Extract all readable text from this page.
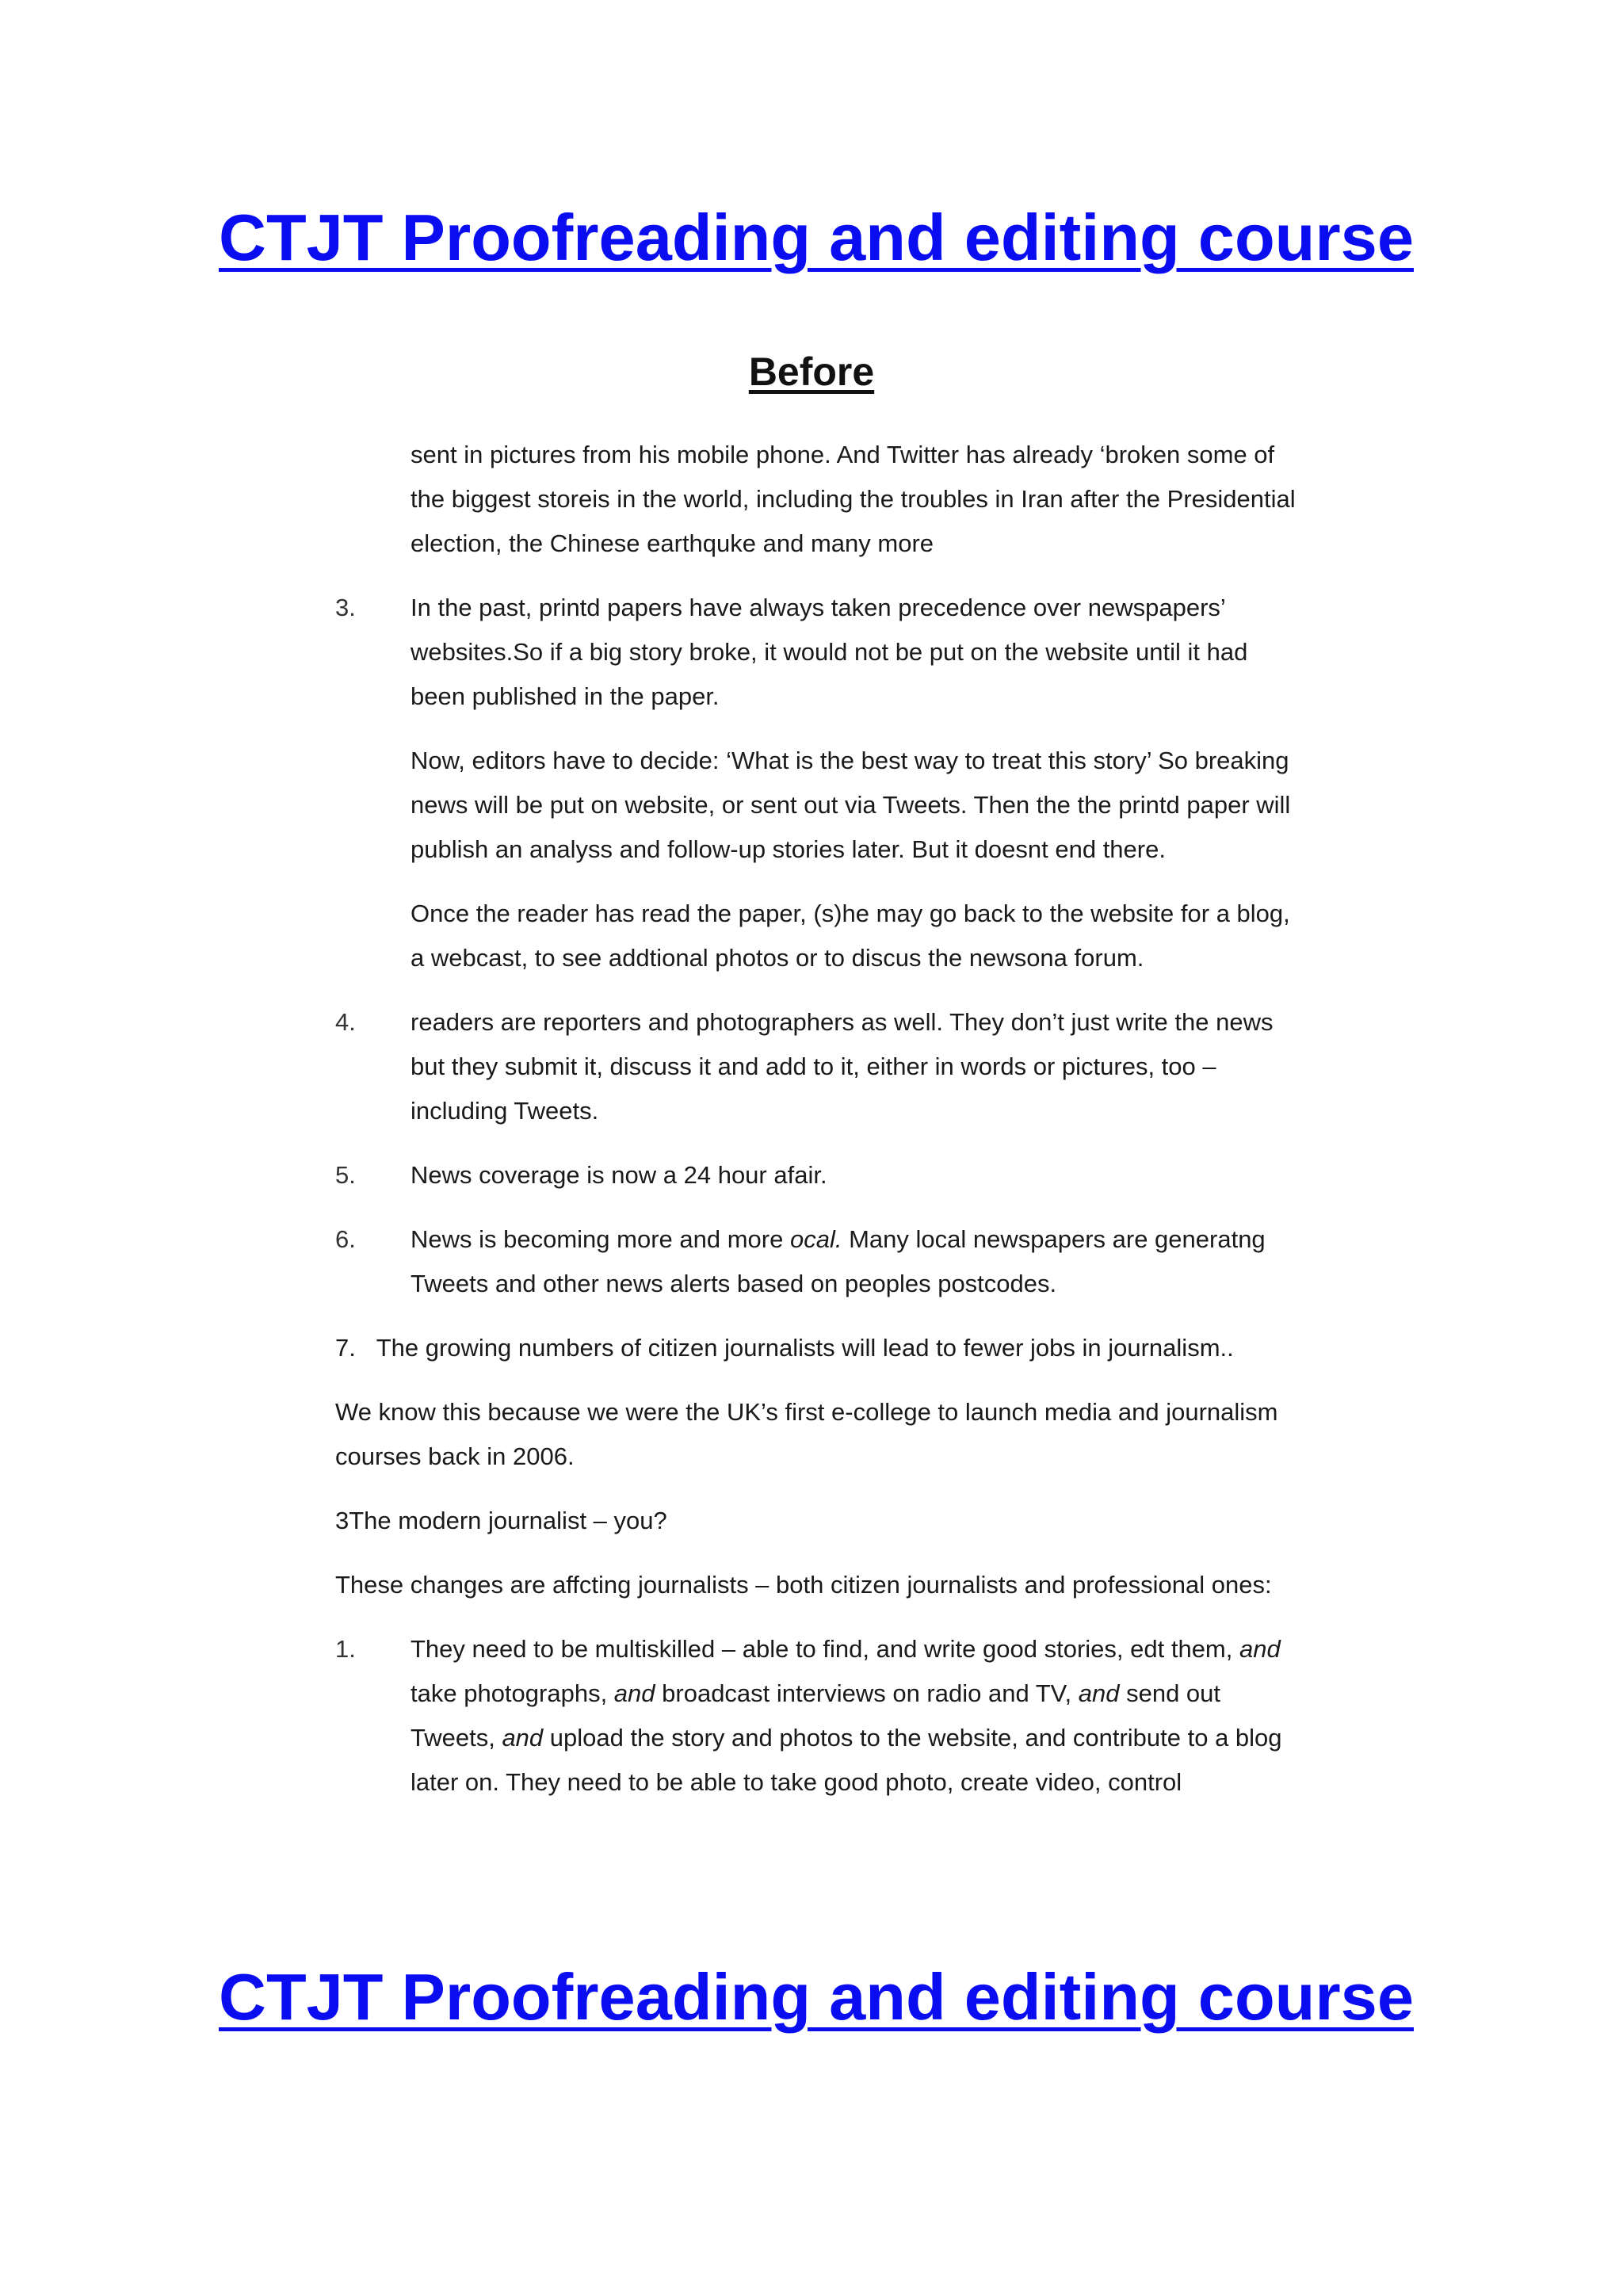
CTJT Proofreading and editing course
Before

sent in pictures from his mobile phone. And Twitter has already ‘broken some of the biggest storeis in the world, including the troubles in Iran after the Presidential election, the Chinese earthquke and many more

3. In the past, printd papers have always taken precedence over newspapers’ websites.So if a big story broke, it would not be put on the website until it had been published in the paper.

Now, editors have to decide: ‘What is the best way to treat this story’ So breaking news will be put on website, or sent out via Tweets. Then the the printd paper will publish an analyss and follow-up stories later. But it doesnt end there.

Once the reader has read the paper, (s)he may go back to the website for a blog, a webcast, to see addtional photos or to discus the newsona forum.

4. readers are reporters and photographers as well. They don’t just write the news but they submit it, discuss it and add to it, either in words or pictures, too – including Tweets.

5. News coverage is now a 24 hour afair.

6. News is becoming more and more ocal. Many local newspapers are generatng Tweets and other news alerts based on peoples postcodes.

7. The growing numbers of citizen journalists will lead to fewer jobs in journalism..

We know this because we were the UK’s first e-college to launch media and journalism courses back in 2006.

3The modern journalist – you?

These changes are affcting journalists – both citizen journalists and professional ones:

1. They need to be multiskilled – able to find, and write good stories, edt them, and take photographs, and broadcast interviews on radio and TV, and send out Tweets, and upload the story and photos to the website, and contribute to a blog later on. They need to be able to take good photo, create video, control

CTJT Proofreading and editing course
